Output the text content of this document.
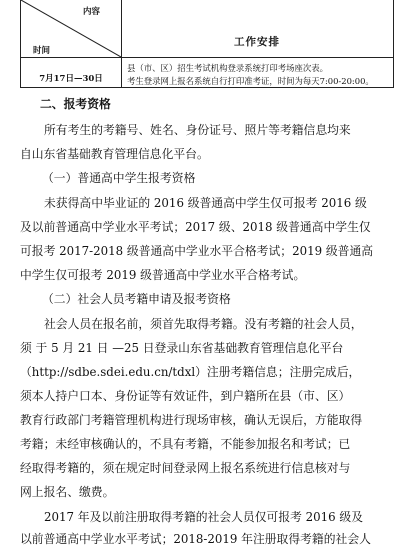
内容
时间
工作安排
7月17日—30日
县（市、区）招生考试机构登录系统打印考场座次表。
考生登录网上报名系统自行打印准考证，时间为每天7:00-20:00。
二、报考资格
所有考生的考籍号、姓名、身份证号、照片等考籍信息均来
自山东省基础教育管理信息化平台。
（一）普通高中学生报考资格
未获得高中毕业证的 2016 级普通高中学生仅可报考 2016 级
及以前普通高中学业水平考试；2017 级、2018 级普通高中学生仅
可报考 2017-2018 级普通高中学业水平合格考试；2019 级普通高
中学生仅可报考 2019 级普通高中学业水平合格考试。
（二）社会人员考籍申请及报考资格
社会人员在报名前，须首先取得考籍。没有考籍的社会人员，
须 于 5 月 21 日 —25 日登录山东省基础教育管理信息化平台
（http://sdbe.sdei.edu.cn/tdxl）注册考籍信息；注册完成后，
须本人持户口本、身份证等有效证件，到户籍所在县（市、区）
教育行政部门考籍管理机构进行现场审核，确认无误后，方能取得
考籍；未经审核确认的，不具有考籍，不能参加报名和考试；已
经取得考籍的，须在规定时间登录网上报名系统进行信息核对与
网上报名、缴费。
2017 年及以前注册取得考籍的社会人员仅可报考 2016 级及
以前普通高中学业水平考试；2018-2019 年注册取得考籍的社会人
